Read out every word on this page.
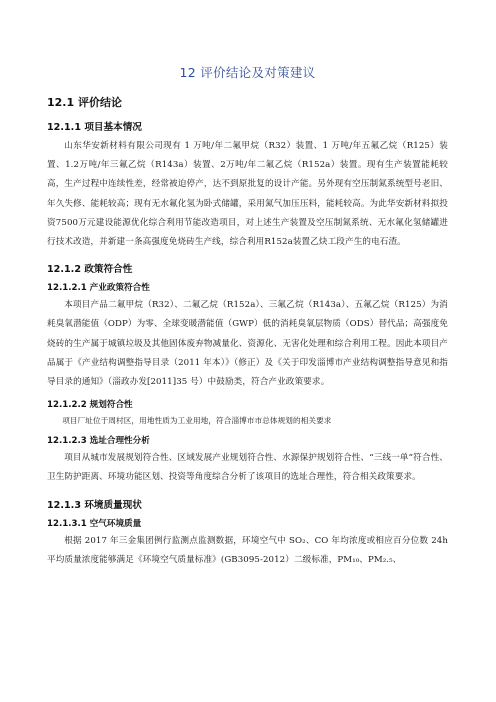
12 评价结论及对策建议
12.1 评价结论
12.1.1 项目基本情况

山东华安新材料有限公司现有 1 万吨/年二氟甲烷（R32）装置、1 万吨/年五氟乙烷（R125）装置、1.2万吨/年三氟乙烷（R143a）装置、2万吨/年二氟乙烷（R152a）装置。现有生产装置能耗较高，生产过程中连续性差，经常被迫停产，达不到原批复的设计产能。另外现有空压制氮系统型号老旧、年久失修、能耗较高；现有无水氟化氢为卧式储罐，采用氮气加压压料，能耗较高。为此华安新材料拟投资7500万元建设能源优化综合利用节能改造项目，对上述生产装置及空压制氮系统、无水氟化氢储罐进行技术改造，并新建一条高强度免烧砖生产线，综合利用R152a装置乙炔工段产生的电石渣。

12.1.2 政策符合性
12.1.2.1 产业政策符合性

本项目产品二氟甲烷（R32）、二氟乙烷（R152a）、三氟乙烷（R143a）、五氟乙烷（R125）为消耗臭氧潜能值（ODP）为零、全球变暖潜能值（GWP）低的消耗臭氧层物质（ODS）替代品；高强度免烧砖的生产属于城镇垃圾及其他固体废弃物减量化、资源化、无害化处理和综合利用工程。因此本项目产品属于《产业结构调整指导目录（2011 年本）》（修正）及《关于印发淄博市产业结构调整指导意见和指导目录的通知》（淄政办发[2011]35 号）中鼓励类，符合产业政策要求。

12.1.2.2 规划符合性

项目厂址位于周村区，用地性质为工业用地，符合淄博市市总体规划的相关要求

12.1.2.3 选址合理性分析

项目从城市发展规划符合性、区域发展产业规划符合性、水源保护规划符合性、“三线一单”符合性、卫生防护距离、环境功能区划、投资等角度综合分析了该项目的选址合理性，符合相关政策要求。

12.1.3 环境质量现状
12.1.3.1 空气环境质量

根据 2017 年三金集团例行监测点监测数据，环境空气中 SO₂、CO 年均浓度或相应百分位数 24h 平均质量浓度能够满足《环境空气质量标准》(GB3095-2012）二级标准，PM₁₀、PM₂.₅、
